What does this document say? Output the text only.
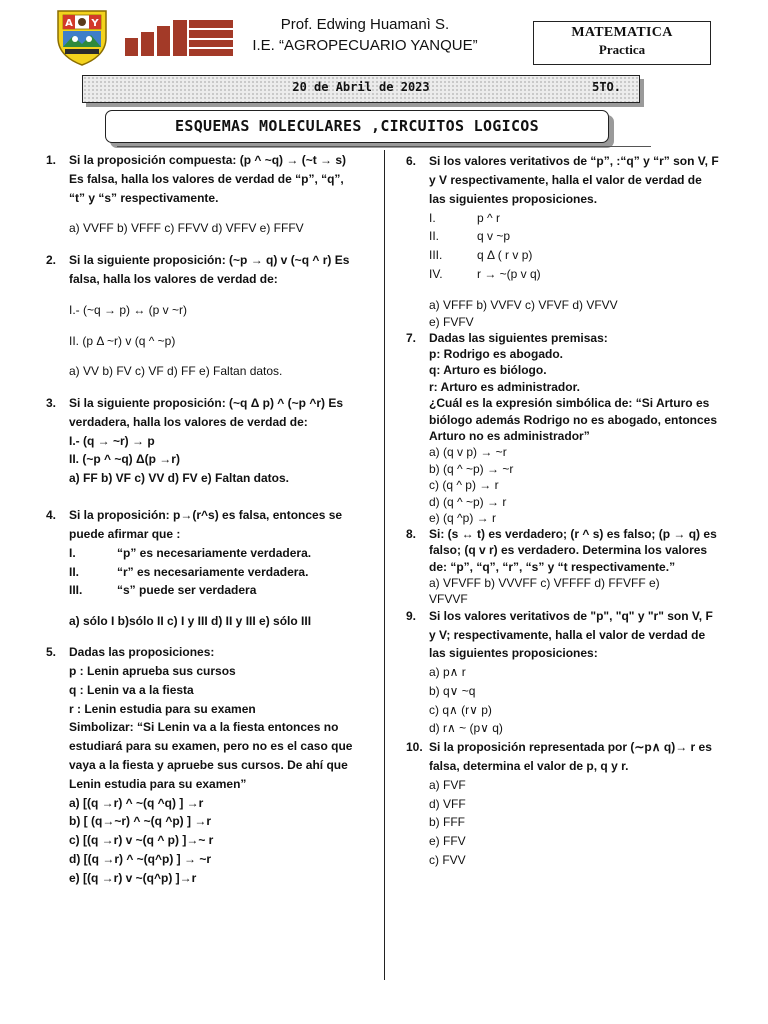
A Y	Prof. Edwing Huamanì S.
I.E. “AGROPECUARIO YANQUE”
MATEMATICA
Practica
20 de Abril de 2023	5TO.
ESQUEMAS MOLECULARES ,CIRCUITOS LOGICOS
1. Si la proposición compuesta: (p ^ ~q) → (~t → s)
Es falsa, halla los valores de verdad de “p”, “q”,
“t” y “s” respectivamente.
a) VVFF b) VFFF c) FFVV d) VFFV e) FFFV
2. Si la siguiente proposición: (~p → q) v (~q ^ r) Es
falsa, halla los valores de verdad de:
I.- (~q → p) ↔ (p v ~r)
II. (p Δ ~r) v (q ^ ~p)
a) VV b) FV c) VF d) FF e) Faltan datos.
3. Si la siguiente proposición: (~q Δ p) ^ (~p ^r) Es
verdadera, halla los valores de verdad de:
I.- (q → ~r) → p
II. (~p ^ ~q) Δ(p →r)
a) FF b) VF c) VV d) FV e) Faltan datos.
4. Si la proposición: p→(r^s) es falsa, entonces se
puede afirmar que :
I.	“p” es necesariamente verdadera.
II.	“r” es necesariamente verdadera.
III.	“s” puede ser verdadera
a) sólo I b)sólo II c) I y III d) II y III e) sólo III
5. Dadas las proposiciones:
p : Lenin aprueba sus cursos
q : Lenin va a la fiesta
r : Lenin estudia para su examen
Simbolizar: “Si Lenin va a la fiesta entonces no
estudiará para su examen, pero no es el caso que
vaya a la fiesta y apruebe sus cursos. De ahí que
Lenin estudia para su examen”
a) [(q →r) ^ ~(q ^q) ] →r
b) [ (q→~r) ^ ~(q ^p) ] →r
c) [(q →r) v ~(q ^ p) ]→~ r
d) [(q →r) ^ ~(q^p) ] → ~r
e) [(q →r) v ~(q^p) ]→r
6. Si los valores veritativos de “p”, :“q” y “r” son V, F
y V respectivamente, halla el valor de verdad de
las siguientes proposiciones.
I.	p ^ r
II.	q v ~p
III.	q Δ ( r v p)
IV.	r → ~(p v q)
a) VFFF b) VVFV c) VFVF d) VFVV
e) FVFV
7. Dadas las siguientes premisas:
p: Rodrigo es abogado.
q: Arturo es biólogo.
r: Arturo es administrador.
¿Cuál es la expresión simbólica de: “Si Arturo es
biólogo además Rodrigo no es abogado, entonces
Arturo no es administrador”
a) (q v p) → ~r
b) (q ^ ~p) → ~r
c) (q ^ p) → r
d) (q ^ ~p) → r
e) (q ^p) → r
8. Si: (s ↔ t) es verdadero; (r ^ s) es falso; (p → q) es
falso; (q v r) es verdadero. Determina los valores
de: “p”, “q”, “r”, “s” y “t respectivamente.”
a) VFVFF b) VVVFF c) VFFFF d) FFVFF e)
VFVVF
9. Si los valores veritativos de "p", "q" y "r" son V, F
y V; respectivamente, halla el valor de verdad de
las siguientes proposiciones:
a) p∧ r
b) q∨ ~q
c) q∧ (r∨ p)
d) r∧ ~ (p∨ q)
10. Si la proposición representada por (∼p∧ q)→ r es
falsa, determina el valor de p, q y r.
a) FVF
d) VFF
b) FFF
e) FFV
c) FVV
